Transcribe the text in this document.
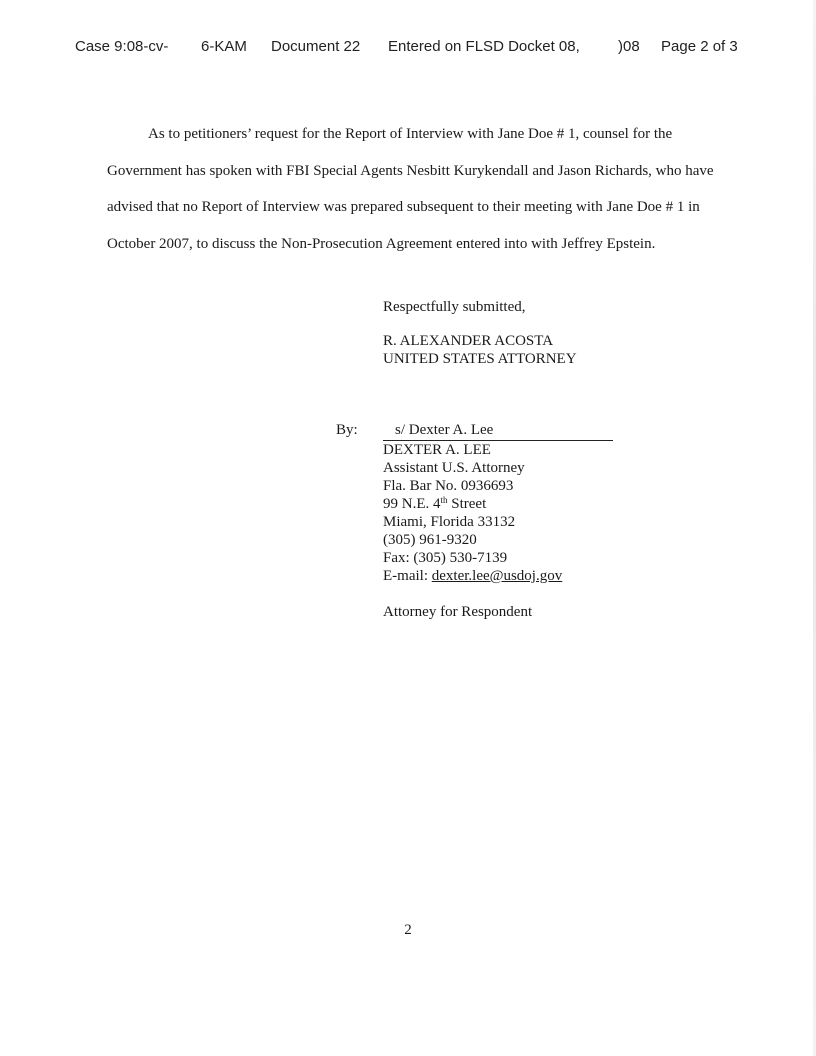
Case 9:08-cv- 6-KAM Document 22 Entered on FLSD Docket 08,	)08 Page 2 of 3

As to petitioners’ request for the Report of Interview with Jane Doe # 1, counsel for the Government has spoken with FBI Special Agents Nesbitt Kurykendall and Jason Richards, who have advised that no Report of Interview was prepared subsequent to their meeting with Jane Doe # 1 in October 2007, to discuss the Non-Prosecution Agreement entered into with Jeffrey Epstein.

Respectfully submitted,
R. ALEXANDER ACOSTA
UNITED STATES ATTORNEY
By:	s/ Dexter A. Lee
DEXTER A. LEE
Assistant U.S. Attorney
Fla. Bar No. 0936693
99 N.E. 4th Street
Miami, Florida 33132
(305) 961-9320
Fax: (305) 530-7139
E-mail: dexter.lee@usdoj.gov
Attorney for Respondent
2
